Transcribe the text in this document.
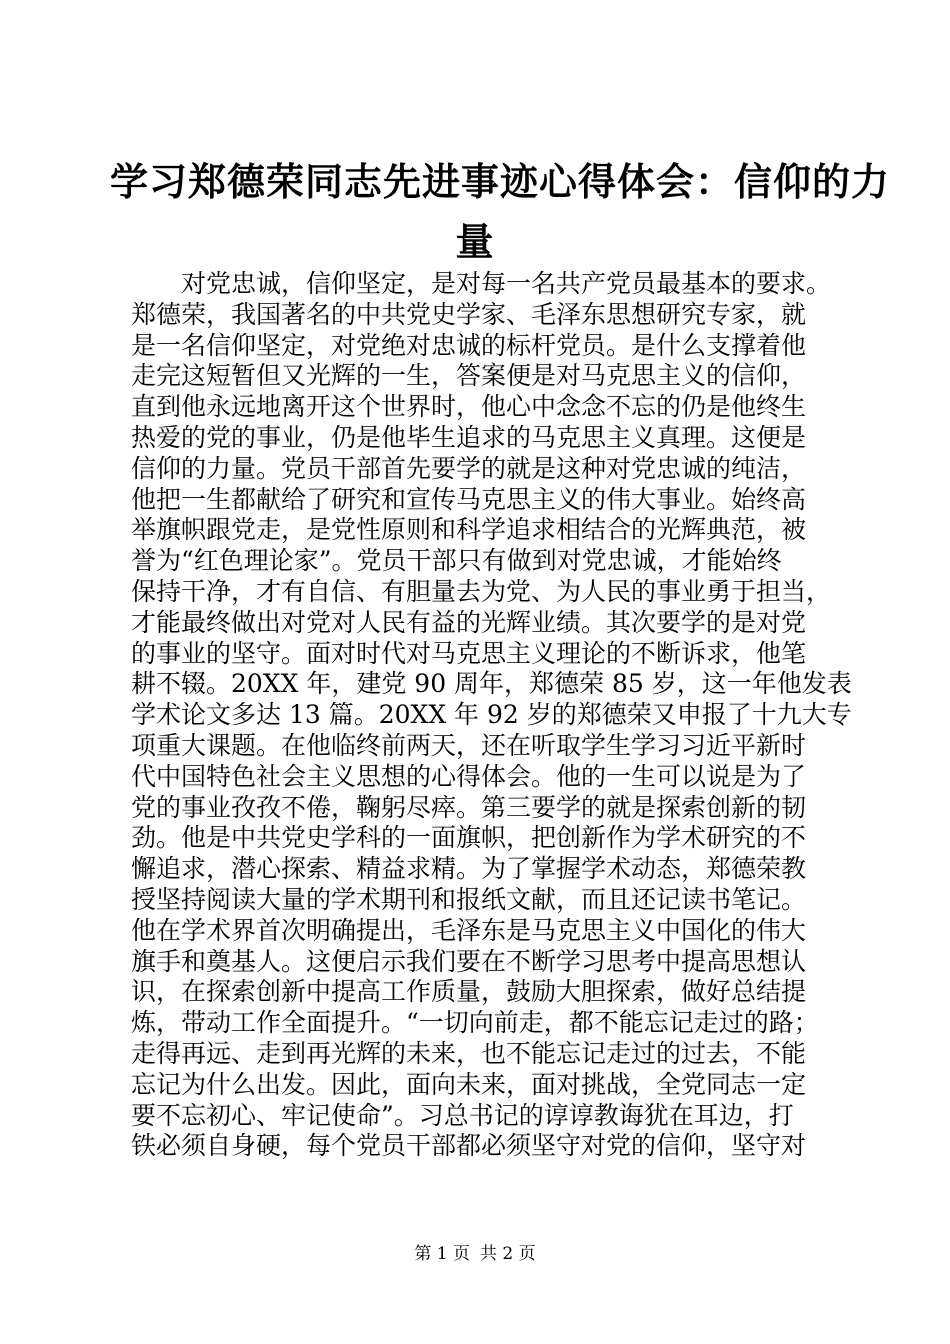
学习郑德荣同志先进事迹心得体会：信仰的力
量
　　对党忠诚，信仰坚定，是对每一名共产党员最基本的要求。
郑德荣，我国著名的中共党史学家、毛泽东思想研究专家，就
是一名信仰坚定，对党绝对忠诚的标杆党员。是什么支撑着他
走完这短暂但又光辉的一生，答案便是对马克思主义的信仰，
直到他永远地离开这个世界时，他心中念念不忘的仍是他终生
热爱的党的事业，仍是他毕生追求的马克思主义真理。这便是
信仰的力量。党员干部首先要学的就是这种对党忠诚的纯洁，
他把一生都献给了研究和宣传马克思主义的伟大事业。始终高
举旗帜跟党走，是党性原则和科学追求相结合的光辉典范，被
誉为“红色理论家”。党员干部只有做到对党忠诚，才能始终
保持干净，才有自信、有胆量去为党、为人民的事业勇于担当，
才能最终做出对党对人民有益的光辉业绩。其次要学的是对党
的事业的坚守。面对时代对马克思主义理论的不断诉求，他笔
耕不辍。20XX 年，建党 90 周年，郑德荣 85 岁，这一年他发表
学术论文多达 13 篇。20XX 年 92 岁的郑德荣又申报了十九大专
项重大课题。在他临终前两天，还在听取学生学习习近平新时
代中国特色社会主义思想的心得体会。他的一生可以说是为了
党的事业孜孜不倦，鞠躬尽瘁。第三要学的就是探索创新的韧
劲。他是中共党史学科的一面旗帜，把创新作为学术研究的不
懈追求，潜心探索、精益求精。为了掌握学术动态，郑德荣教
授坚持阅读大量的学术期刊和报纸文献，而且还记读书笔记。
他在学术界首次明确提出，毛泽东是马克思主义中国化的伟大
旗手和奠基人。这便启示我们要在不断学习思考中提高思想认
识，在探索创新中提高工作质量，鼓励大胆探索，做好总结提
炼，带动工作全面提升。“一切向前走，都不能忘记走过的路；
走得再远、走到再光辉的未来，也不能忘记走过的过去，不能
忘记为什么出发。因此，面向未来，面对挑战，全党同志一定
要不忘初心、牢记使命”。习总书记的谆谆教诲犹在耳边，打
铁必须自身硬，每个党员干部都必须坚守对党的信仰，坚守对
第 1 页 共 2 页
